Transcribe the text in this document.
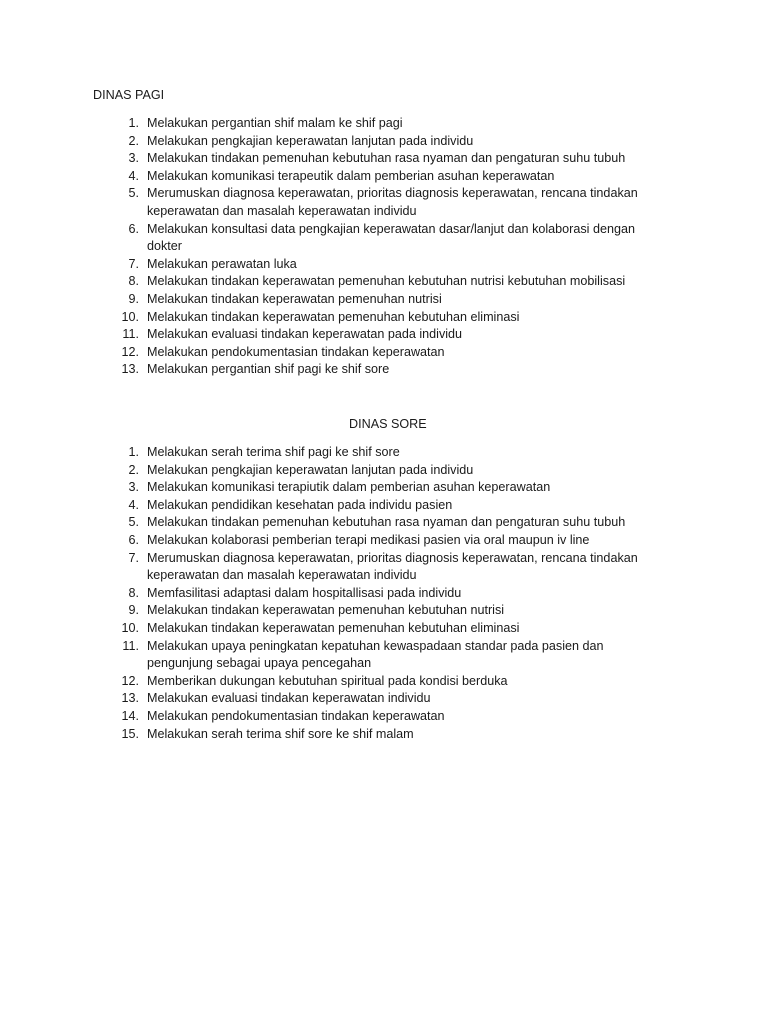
DINAS PAGI
1. Melakukan pergantian shif malam ke shif pagi
2. Melakukan pengkajian keperawatan lanjutan pada individu
3. Melakukan tindakan pemenuhan kebutuhan rasa nyaman dan pengaturan suhu tubuh
4. Melakukan komunikasi terapeutik dalam pemberian asuhan keperawatan
5. Merumuskan diagnosa keperawatan, prioritas diagnosis keperawatan, rencana tindakan keperawatan dan masalah keperawatan individu
6. Melakukan konsultasi data pengkajian keperawatan dasar/lanjut dan kolaborasi dengan dokter
7. Melakukan perawatan luka
8. Melakukan tindakan keperawatan pemenuhan kebutuhan nutrisi kebutuhan mobilisasi
9. Melakukan tindakan keperawatan pemenuhan nutrisi
10. Melakukan tindakan keperawatan pemenuhan kebutuhan eliminasi
11. Melakukan evaluasi tindakan keperawatan pada individu
12. Melakukan pendokumentasian tindakan keperawatan
13. Melakukan pergantian shif pagi ke shif sore
DINAS SORE
1. Melakukan serah terima shif pagi ke shif sore
2. Melakukan pengkajian keperawatan lanjutan pada individu
3. Melakukan komunikasi terapiutik dalam pemberian asuhan keperawatan
4. Melakukan pendidikan kesehatan pada individu pasien
5. Melakukan tindakan pemenuhan kebutuhan rasa nyaman dan pengaturan suhu tubuh
6. Melakukan kolaborasi pemberian terapi medikasi pasien via oral maupun iv line
7. Merumuskan diagnosa keperawatan, prioritas diagnosis keperawatan, rencana tindakan keperawatan dan masalah keperawatan individu
8. Memfasilitasi adaptasi dalam hospitallisasi pada individu
9. Melakukan tindakan keperawatan pemenuhan kebutuhan nutrisi
10. Melakukan tindakan keperawatan pemenuhan kebutuhan eliminasi
11. Melakukan upaya peningkatan kepatuhan kewaspadaan standar pada pasien dan pengunjung sebagai upaya pencegahan
12. Memberikan dukungan kebutuhan spiritual pada kondisi berduka
13. Melakukan evaluasi tindakan keperawatan individu
14. Melakukan pendokumentasian tindakan keperawatan
15. Melakukan serah terima shif sore ke shif malam
